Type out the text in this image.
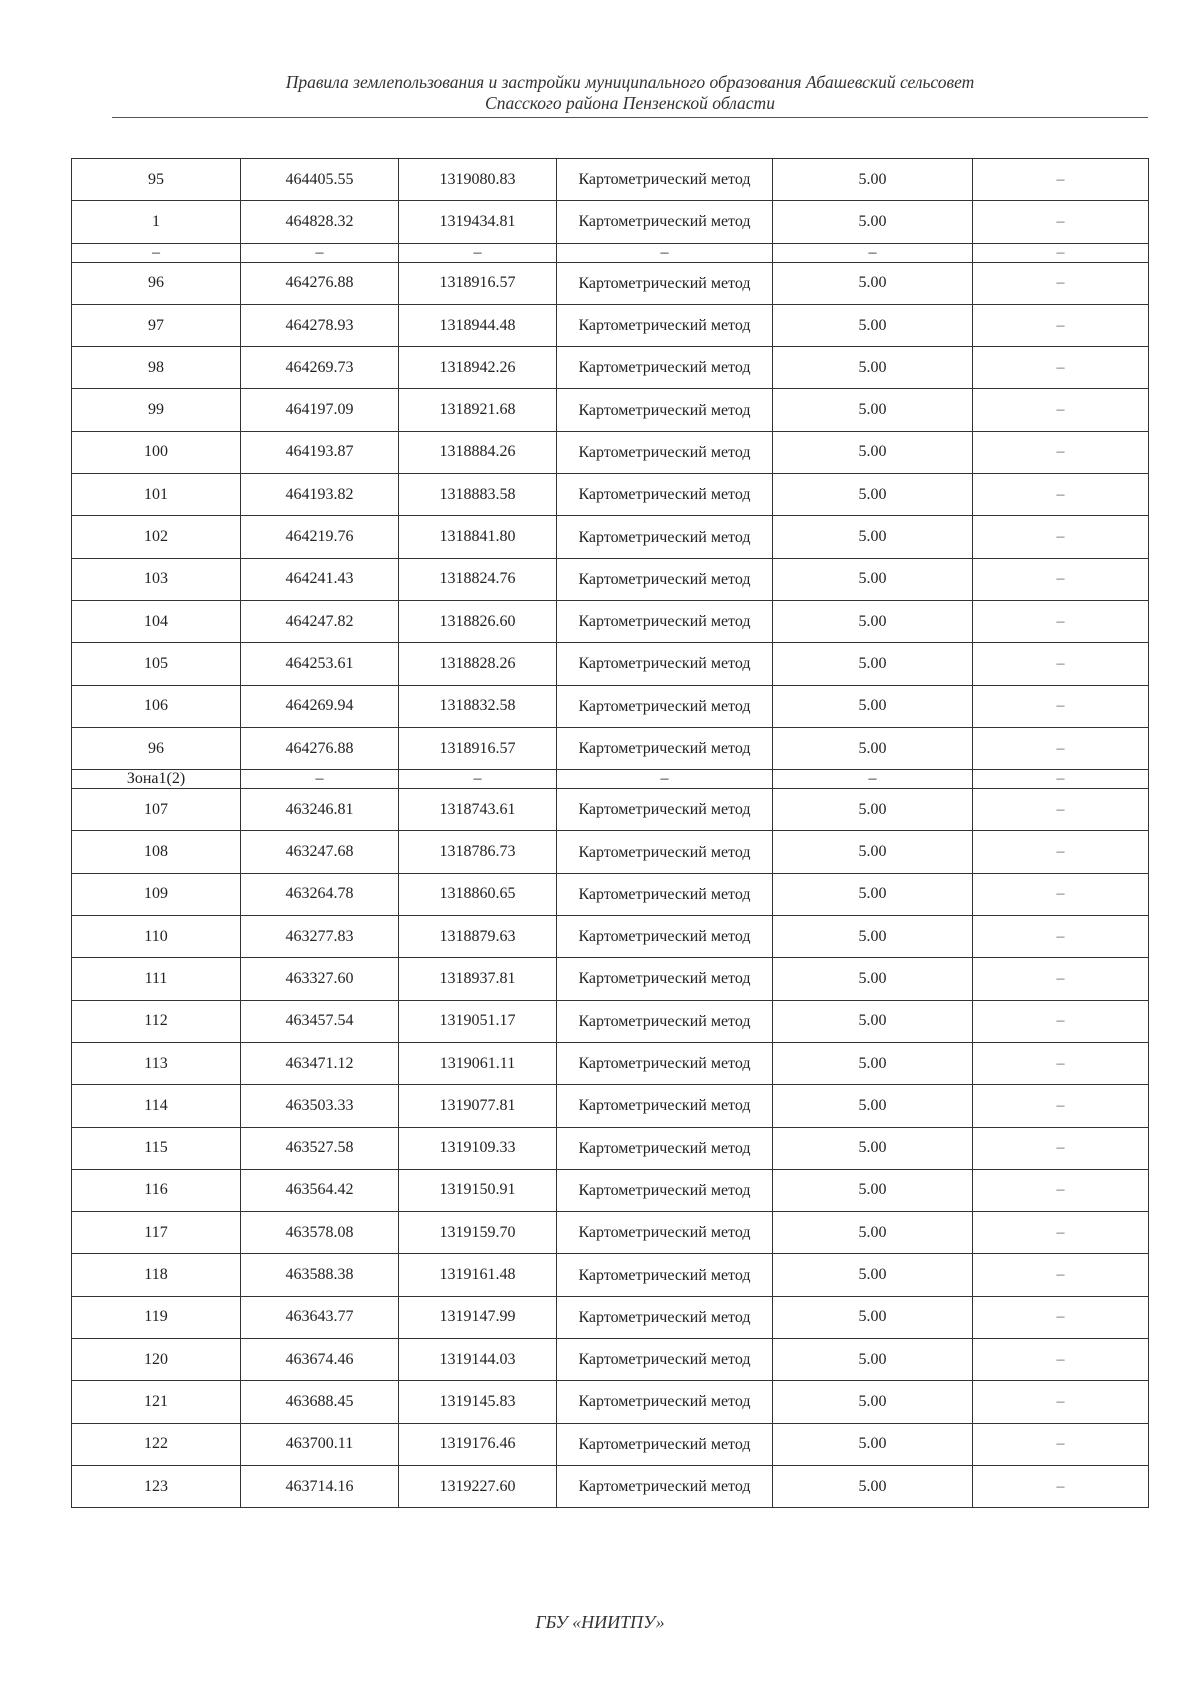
Правила землепользования и застройки муниципального образования Абашевский сельсовет
Спасского района Пензенской области
95	464405.55	1319080.83	Картометрический метод	5.00	–
1	464828.32	1319434.81	Картометрический метод	5.00	–
–	–	–	–	–	–
96	464276.88	1318916.57	Картометрический метод	5.00	–
97	464278.93	1318944.48	Картометрический метод	5.00	–
98	464269.73	1318942.26	Картометрический метод	5.00	–
99	464197.09	1318921.68	Картометрический метод	5.00	–
100	464193.87	1318884.26	Картометрический метод	5.00	–
101	464193.82	1318883.58	Картометрический метод	5.00	–
102	464219.76	1318841.80	Картометрический метод	5.00	–
103	464241.43	1318824.76	Картометрический метод	5.00	–
104	464247.82	1318826.60	Картометрический метод	5.00	–
105	464253.61	1318828.26	Картометрический метод	5.00	–
106	464269.94	1318832.58	Картометрический метод	5.00	–
96	464276.88	1318916.57	Картометрический метод	5.00	–
Зона1(2)	–	–	–	–	–
107	463246.81	1318743.61	Картометрический метод	5.00	–
108	463247.68	1318786.73	Картометрический метод	5.00	–
109	463264.78	1318860.65	Картометрический метод	5.00	–
110	463277.83	1318879.63	Картометрический метод	5.00	–
111	463327.60	1318937.81	Картометрический метод	5.00	–
112	463457.54	1319051.17	Картометрический метод	5.00	–
113	463471.12	1319061.11	Картометрический метод	5.00	–
114	463503.33	1319077.81	Картометрический метод	5.00	–
115	463527.58	1319109.33	Картометрический метод	5.00	–
116	463564.42	1319150.91	Картометрический метод	5.00	–
117	463578.08	1319159.70	Картометрический метод	5.00	–
118	463588.38	1319161.48	Картометрический метод	5.00	–
119	463643.77	1319147.99	Картометрический метод	5.00	–
120	463674.46	1319144.03	Картометрический метод	5.00	–
121	463688.45	1319145.83	Картометрический метод	5.00	–
122	463700.11	1319176.46	Картометрический метод	5.00	–
123	463714.16	1319227.60	Картометрический метод	5.00	–
ГБУ «НИИТПУ»
